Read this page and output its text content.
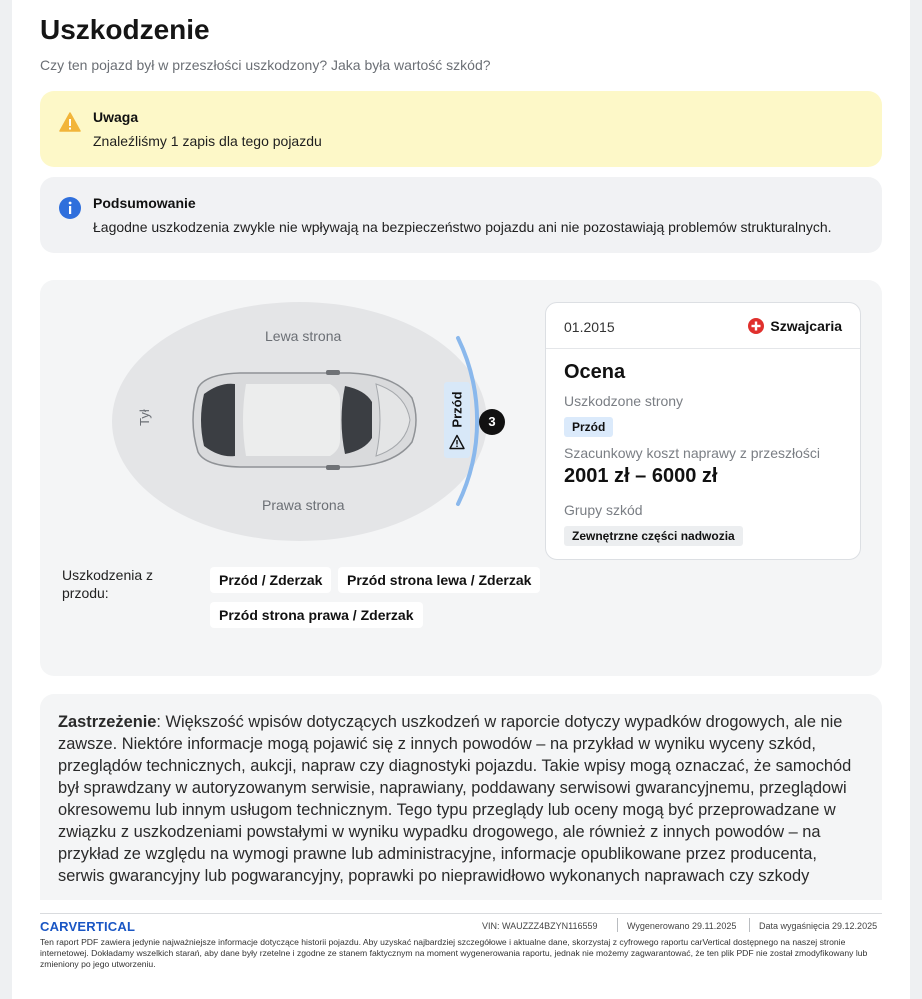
Uszkodzenie
Czy ten pojazd był w przeszłości uszkodzony? Jaka była wartość szkód?
Uwaga
Znaleźliśmy 1 zapis dla tego pojazdu
Podsumowanie
Łagodne uszkodzenia zwykle nie wpływają na bezpieczeństwo pojazdu ani nie pozostawiają problemów strukturalnych.
Lewa strona
Prawa strona
Tył	Przód	3
01.2015	Szwajcaria
Ocena
Uszkodzone strony
Przód
Szacunkowy koszt naprawy z przeszłości
2001 zł – 6000 zł
Grupy szkód
Zewnętrzne części nadwozia
Uszkodzenia z przodu:
Przód / Zderzak	Przód strona lewa / Zderzak
Przód strona prawa / Zderzak

Zastrzeżenie: Większość wpisów dotyczących uszkodzeń w raporcie dotyczy wypadków drogowych, ale nie zawsze. Niektóre informacje mogą pojawić się z innych powodów – na przykład w wyniku wyceny szkód, przeglądów technicznych, aukcji, napraw czy diagnostyki pojazdu. Takie wpisy mogą oznaczać, że samochód był sprawdzany w autoryzowanym serwisie, naprawiany, poddawany serwisowi gwarancyjnemu, przeglądowi okresowemu lub innym usługom technicznym. Tego typu przeglądy lub oceny mogą być przeprowadzane w związku z uszkodzeniami powstałymi w wyniku wypadku drogowego, ale również z innych powodów – na przykład ze względu na wymogi prawne lub administracyjne, informacje opublikowane przez producenta, serwis gwarancyjny lub pogwarancyjny, poprawki po nieprawidłowo wykonanych naprawach czy szkody

CARVERTICAL	VIN: WAUZZZ4BZYN116559	Wygenerowano 29.11.2025	Data wygaśnięcia 29.12.2025
Ten raport PDF zawiera jedynie najważniejsze informacje dotyczące historii pojazdu. Aby uzyskać najbardziej szczegółowe i aktualne dane, skorzystaj z cyfrowego raportu carVertical dostępnego na naszej stronie internetowej. Dokładamy wszelkich starań, aby dane były rzetelne i zgodne ze stanem faktycznym na moment wygenerowania raportu, jednak nie możemy zagwarantować, że ten plik PDF nie został zmodyfikowany lub zmieniony po jego utworzeniu.
